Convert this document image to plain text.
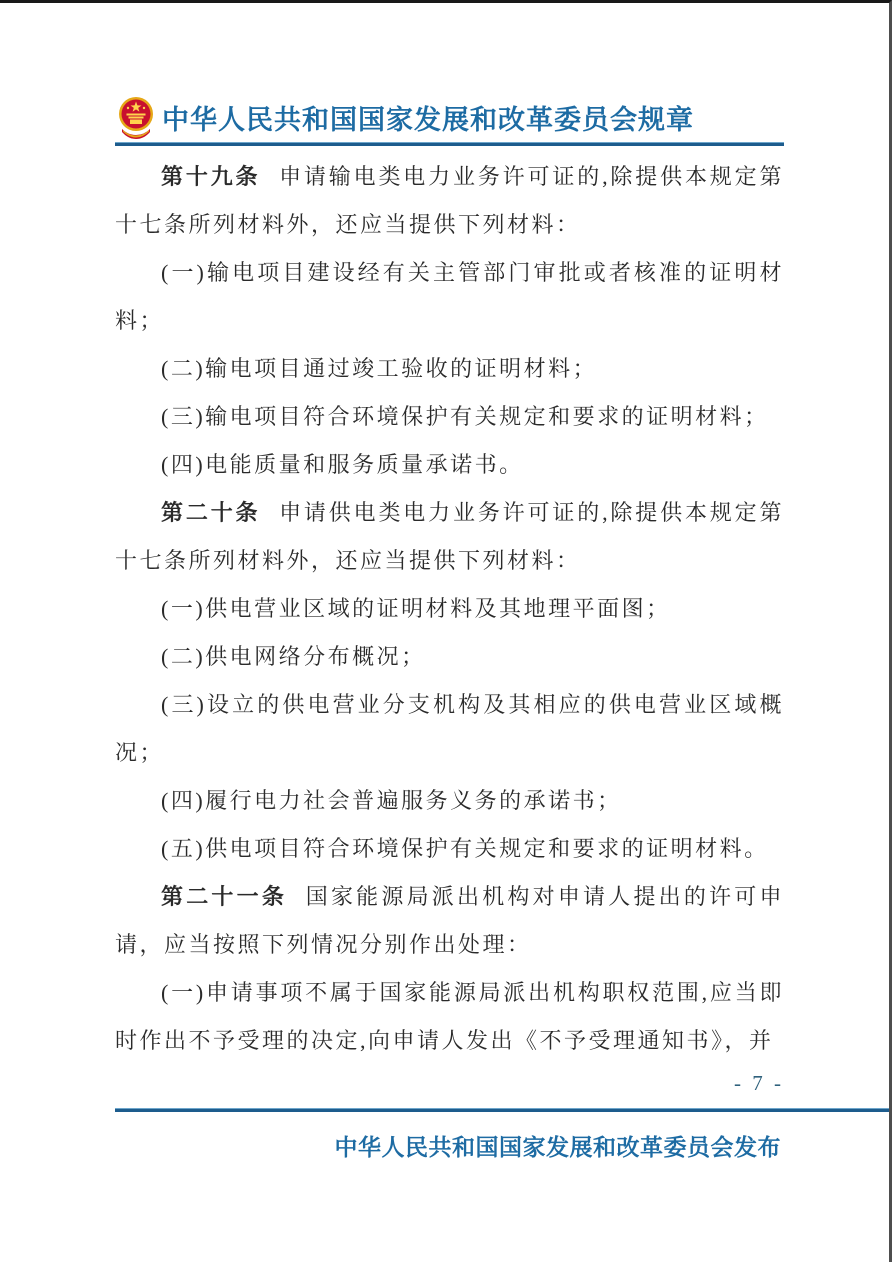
中华人民共和国国家发展和改革委员会规章

第十九条 申请输电类电力业务许可证的,除提供本规定第十七条所列材料外，还应当提供下列材料：

(一)输电项目建设经有关主管部门审批或者核准的证明材料；

(二)输电项目通过竣工验收的证明材料；

(三)输电项目符合环境保护有关规定和要求的证明材料；

(四)电能质量和服务质量承诺书。

第二十条 申请供电类电力业务许可证的,除提供本规定第十七条所列材料外，还应当提供下列材料：

(一)供电营业区域的证明材料及其地理平面图；

(二)供电网络分布概况；

(三)设立的供电营业分支机构及其相应的供电营业区域概况；

(四)履行电力社会普遍服务义务的承诺书；

(五)供电项目符合环境保护有关规定和要求的证明材料。

第二十一条 国家能源局派出机构对申请人提出的许可申请，应当按照下列情况分别作出处理：

(一)申请事项不属于国家能源局派出机构职权范围,应当即时作出不予受理的决定,向申请人发出《不予受理通知书》，并

- 7 -
中华人民共和国国家发展和改革委员会发布
